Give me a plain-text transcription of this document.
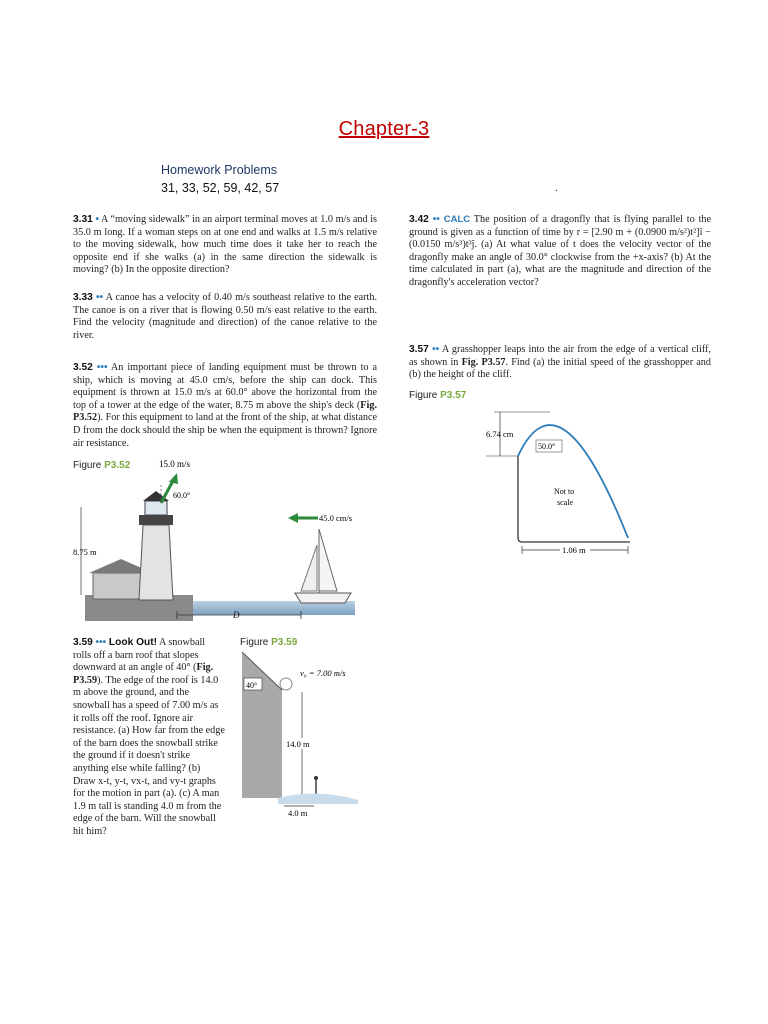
Chapter-3
Homework Problems
31, 33, 52, 59, 42, 57	.
3.31 • A “moving sidewalk” in an airport terminal moves at 1.0 m/s and is 35.0 m long. If a woman steps on at one end and walks at 1.5 m/s relative to the moving sidewalk, how much time does it take her to reach the opposite end if she walks (a) in the same direction the sidewalk is moving? (b) In the opposite direction?
3.33 •• A canoe has a velocity of 0.40 m/s southeast relative to the earth. The canoe is on a river that is flowing 0.50 m/s east relative to the earth. Find the velocity (magnitude and direction) of the canoe relative to the river.
3.52 ••• An important piece of landing equipment must be thrown to a ship, which is moving at 45.0 cm/s, before the ship can dock. This equipment is thrown at 15.0 m/s at 60.0° above the horizontal from the top of a tower at the edge of the water, 8.75 m above the ship's deck (Fig. P3.52). For this equipment to land at the front of the ship, at what distance D from the dock should the ship be when the equipment is thrown? Ignore air resistance.
Figure P3.52	15.0 m/s
60.0°
8.75 m
45.0 cm/s
D
3.59 ••• Look Out! A snowball rolls off a barn roof that slopes downward at an angle of 40° (Fig. P3.59). The edge of the roof is 14.0 m above the ground, and the snowball has a speed of 7.00 m/s as it rolls off the roof. Ignore air resistance. (a) How far from the edge of the barn does the snowball strike the ground if it doesn't strike anything else while falling? (b) Draw x-t, y-t, vx-t, and vy-t graphs for the motion in part (a). (c) A man 1.9 m tall is standing 4.0 m from the edge of the barn. Will the snowball hit him?
Figure P3.59
40°
v₀ = 7.00 m/s
14.0 m
4.0 m
3.42 •• CALC The position of a dragonfly that is flying parallel to the ground is given as a function of time by r = [2.90 m + (0.0900 m/s²)t²]î − (0.0150 m/s³)t³ĵ. (a) At what value of t does the velocity vector of the dragonfly make an angle of 30.0° clockwise from the +x-axis? (b) At the time calculated in part (a), what are the magnitude and direction of the dragonfly's acceleration vector?
3.57 •• A grasshopper leaps into the air from the edge of a vertical cliff, as shown in Fig. P3.57. Find (a) the initial speed of the grasshopper and (b) the height of the cliff.
Figure P3.57
6.74 cm
50.0°
Not to
scale
1.06 m
